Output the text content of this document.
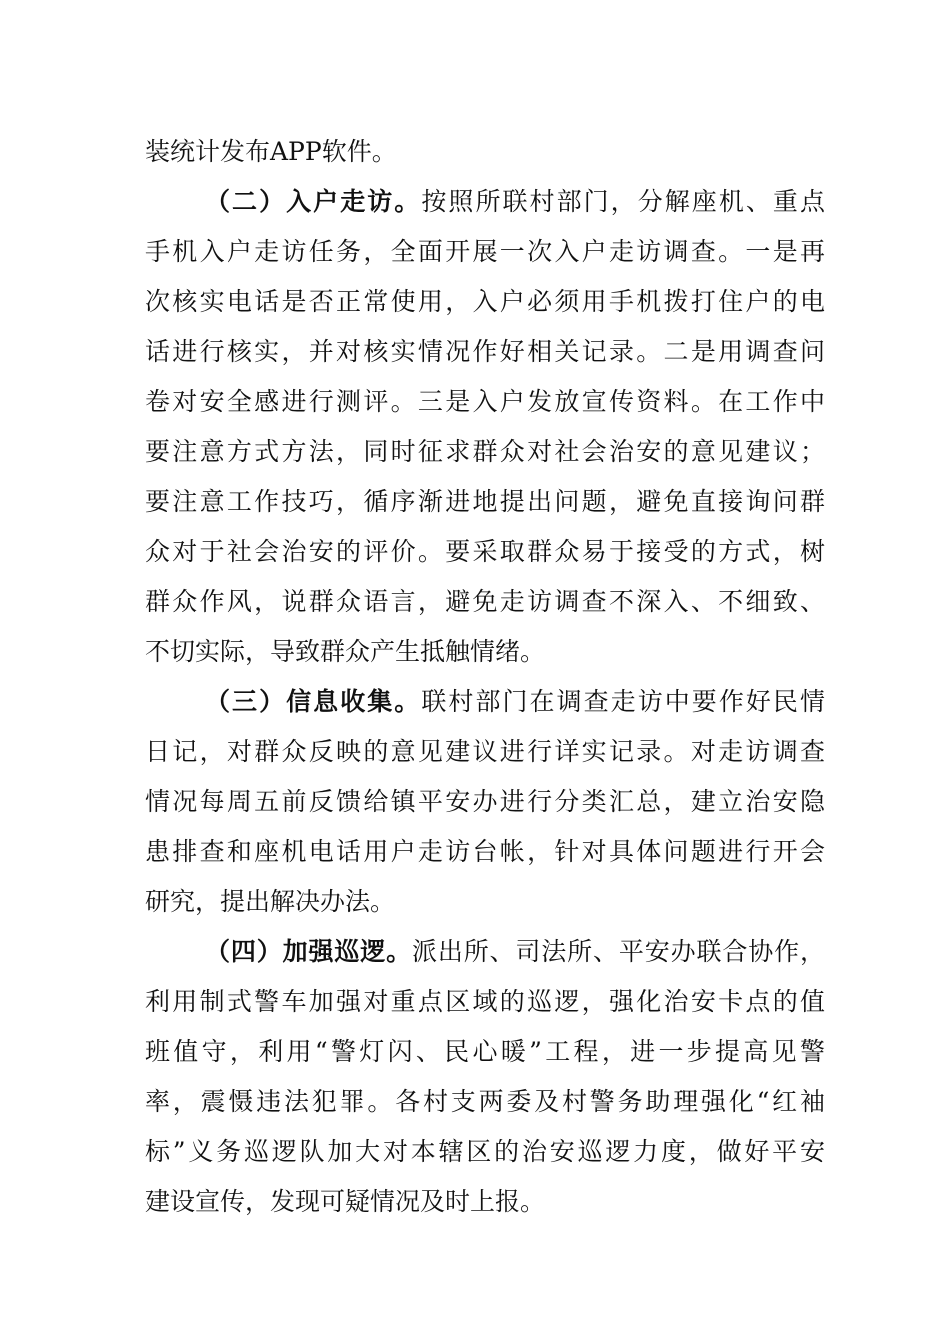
装统计发布APP软件。
（二）入户走访。按照所联村部门，分解座机、重点
手机入户走访任务，全面开展一次入户走访调查。一是再
次核实电话是否正常使用，入户必须用手机拨打住户的电
话进行核实，并对核实情况作好相关记录。二是用调查问
卷对安全感进行测评。三是入户发放宣传资料。在工作中
要注意方式方法，同时征求群众对社会治安的意见建议；
要注意工作技巧，循序渐进地提出问题，避免直接询问群
众对于社会治安的评价。要采取群众易于接受的方式，树
群众作风，说群众语言，避免走访调查不深入、不细致、
不切实际，导致群众产生抵触情绪。
（三）信息收集。联村部门在调查走访中要作好民情
日记，对群众反映的意见建议进行详实记录。对走访调查
情况每周五前反馈给镇平安办进行分类汇总，建立治安隐
患排查和座机电话用户走访台帐，针对具体问题进行开会
研究，提出解决办法。
（四）加强巡逻。派出所、司法所、平安办联合协作，
利用制式警车加强对重点区域的巡逻，强化治安卡点的值
班值守，利用“警灯闪、民心暖”工程，进一步提高见警
率，震慑违法犯罪。各村支两委及村警务助理强化“红袖
标”义务巡逻队加大对本辖区的治安巡逻力度，做好平安
建设宣传，发现可疑情况及时上报。
